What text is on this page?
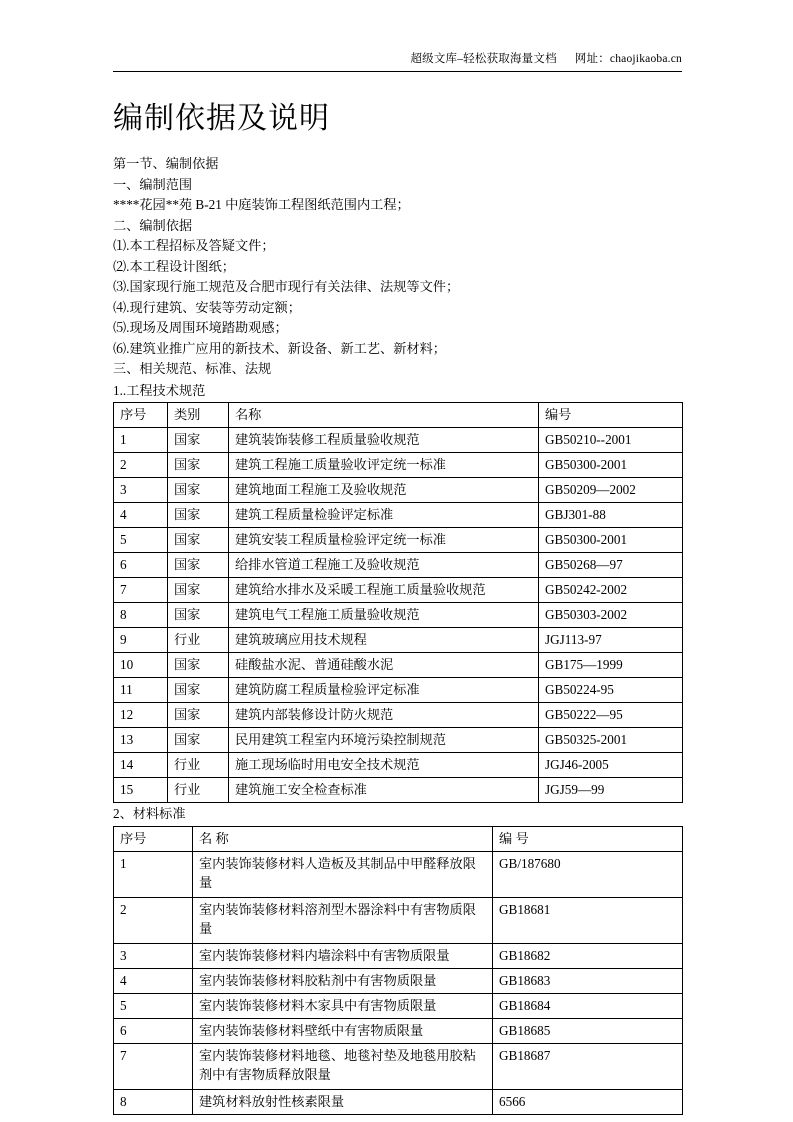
超级文库–轻松获取海量文档 网址：chaojikaoba.cn
编制依据及说明
第一节、编制依据
一、编制范围
****花园**苑 B-21 中庭装饰工程图纸范围内工程；
二、编制依据
⑴.本工程招标及答疑文件；
⑵.本工程设计图纸；
⑶.国家现行施工规范及合肥市现行有关法律、法规等文件；
⑷.现行建筑、安装等劳动定额；
⑸.现场及周围环境踏勘观感；
⑹.建筑业推广应用的新技术、新设备、新工艺、新材料；
三、相关规范、标准、法规
1..工程技术规范
序号	类别	名称	编号
1	国家	建筑装饰装修工程质量验收规范	GB50210--2001
2	国家	建筑工程施工质量验收评定统一标准	GB50300-2001
3	国家	建筑地面工程施工及验收规范	GB50209—2002
4	国家	建筑工程质量检验评定标准	GBJ301-88
5	国家	建筑安装工程质量检验评定统一标准	GB50300-2001
6	国家	给排水管道工程施工及验收规范	GB50268—97
7	国家	建筑给水排水及采暖工程施工质量验收规范	GB50242-2002
8	国家	建筑电气工程施工质量验收规范	GB50303-2002
9	行业	建筑玻璃应用技术规程	JGJ113-97
10	国家	硅酸盐水泥、普通硅酸水泥	GB175—1999
11	国家	建筑防腐工程质量检验评定标准	GB50224-95
12	国家	建筑内部装修设计防火规范	GB50222—95
13	国家	民用建筑工程室内环境污染控制规范	GB50325-2001
14	行业	施工现场临时用电安全技术规范	JGJ46-2005
15	行业	建筑施工安全检查标准	JGJ59—99
2、材料标准
序号	名 称	编 号
1	室内装饰装修材料人造板及其制品中甲醛释放限量	GB/187680
2	室内装饰装修材料溶剂型木器涂料中有害物质限量	GB18681
3	室内装饰装修材料内墙涂料中有害物质限量	GB18682
4	室内装饰装修材料胶粘剂中有害物质限量	GB18683
5	室内装饰装修材料木家具中有害物质限量	GB18684
6	室内装饰装修材料壁纸中有害物质限量	GB18685
7	室内装饰装修材料地毯、地毯衬垫及地毯用胶粘剂中有害物质释放限量	GB18687
8	建筑材料放射性核素限量	6566
